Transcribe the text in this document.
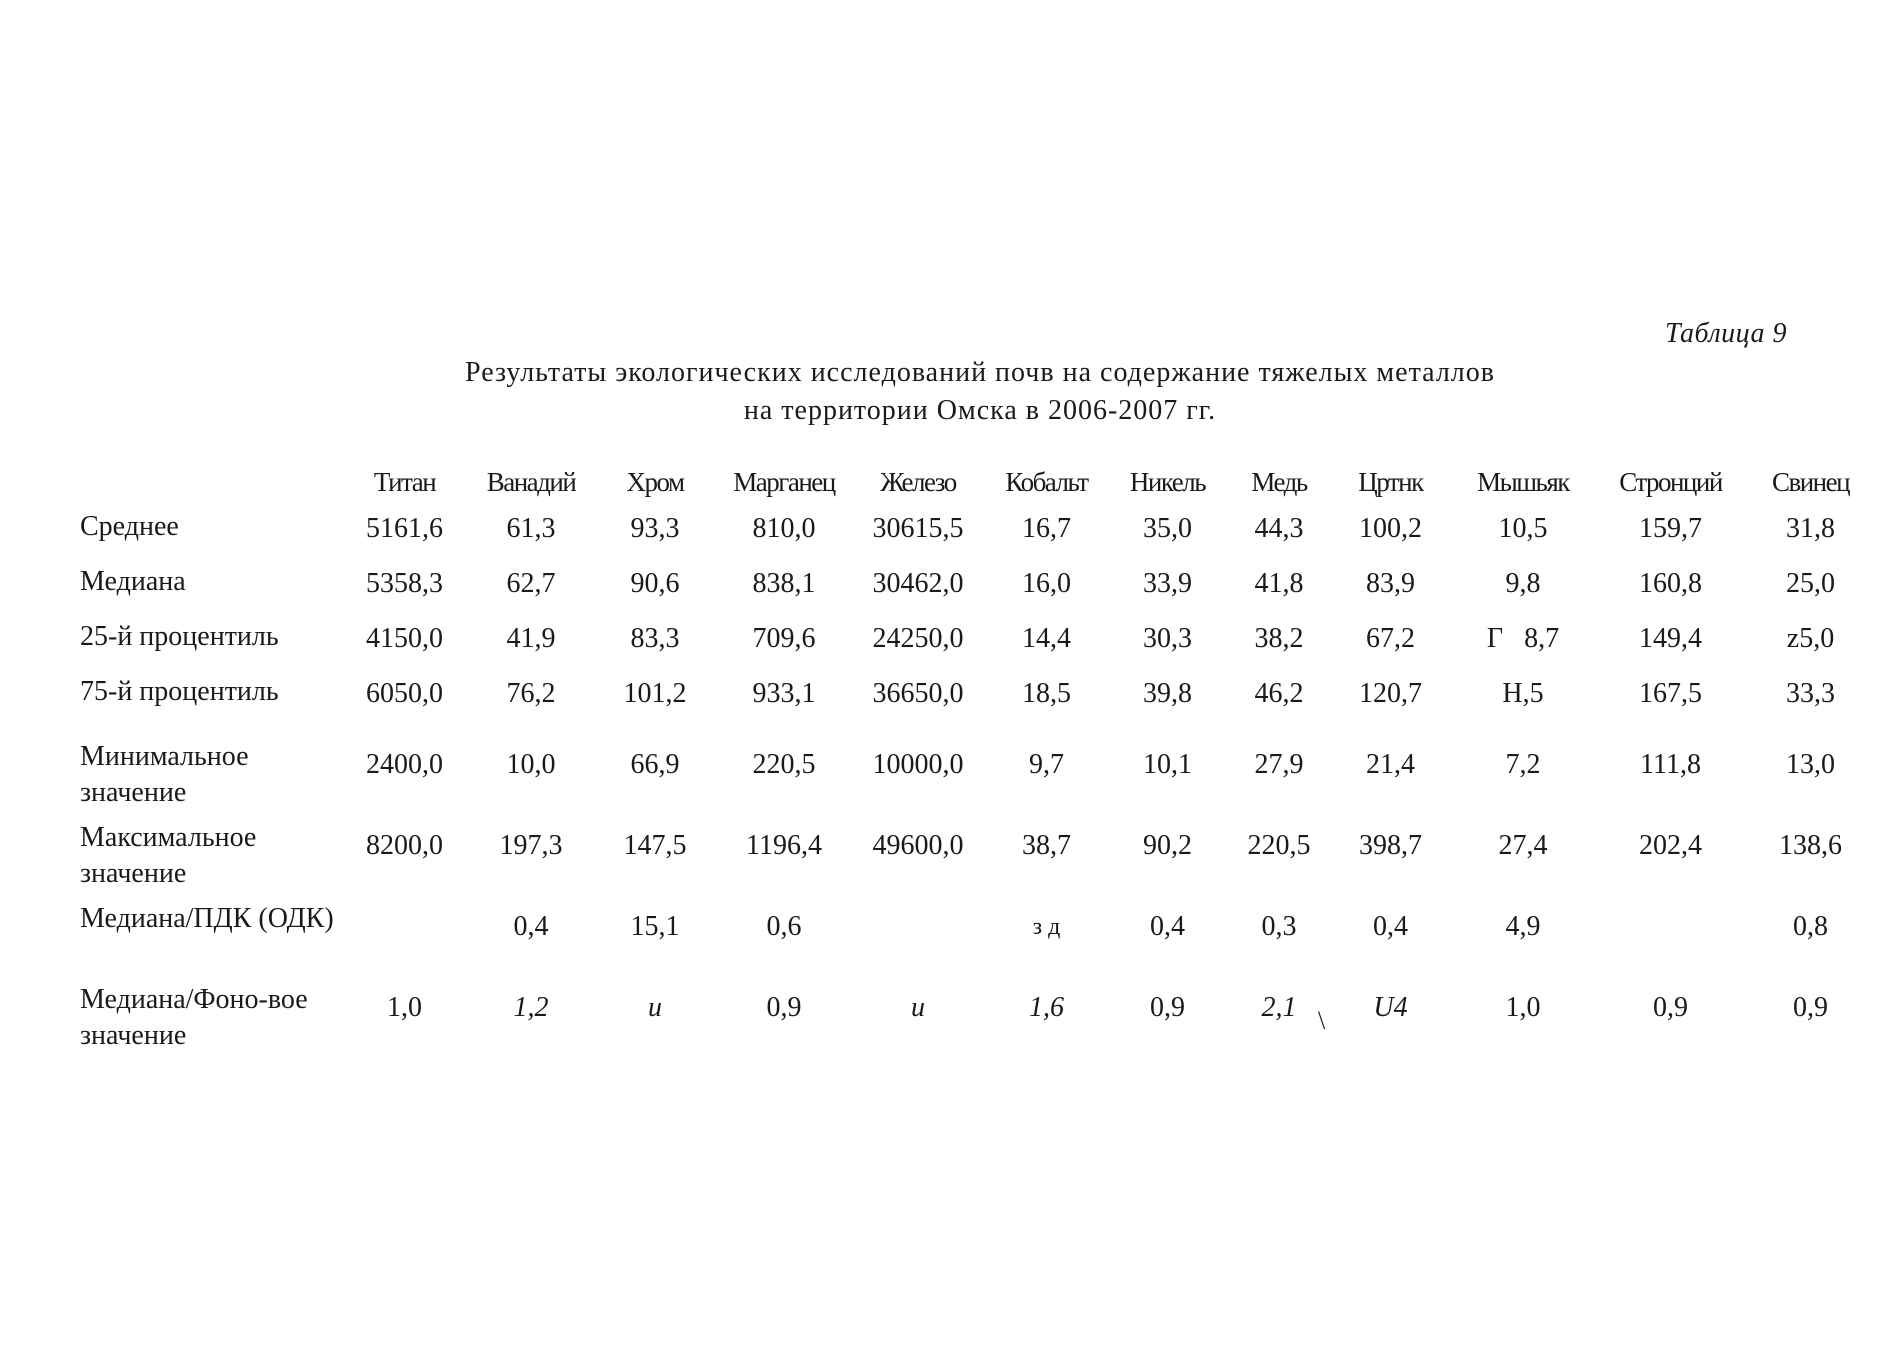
Таблица 9
Результаты экологических исследований почв на содержание тяжелых металлов
на территории Омска в 2006-2007 гг.
	Титан	Ванадий	Хром	Марганец	Железо	Кобальт	Никель	Медь	Цртнк	Мышьяк	Стронций	Свинец
Среднее	5161,6	61,3	93,3	810,0	30615,5	16,7	35,0	44,3	100,2	10,5	159,7	31,8
Медиана	5358,3	62,7	90,6	838,1	30462,0	16,0	33,9	41,8	83,9	9,8	160,8	25,0
25-й процентиль	4150,0	41,9	83,3	709,6	24250,0	14,4	30,3	38,2	67,2	Г   8,7	149,4	z5,0
75-й процентиль	6050,0	76,2	101,2	933,1	36650,0	18,5	39,8	46,2	120,7	Н,5	167,5	33,3
Минимальное значение	2400,0	10,0	66,9	220,5	10000,0	9,7	10,1	27,9	21,4	7,2	111,8	13,0
Максимальное значение	8200,0	197,3	147,5	1196,4	49600,0	38,7	90,2	220,5	398,7	27,4	202,4	138,6
Медиана/ПДК (ОДК)		0,4	15,1	0,6		з д	0,4	0,3	0,4	4,9		0,8
Медиана/Фоно-вое значение	1,0	1,2	и	0,9	и	1,6	0,9	2,1	U4	1,0	0,9	0,9
\
